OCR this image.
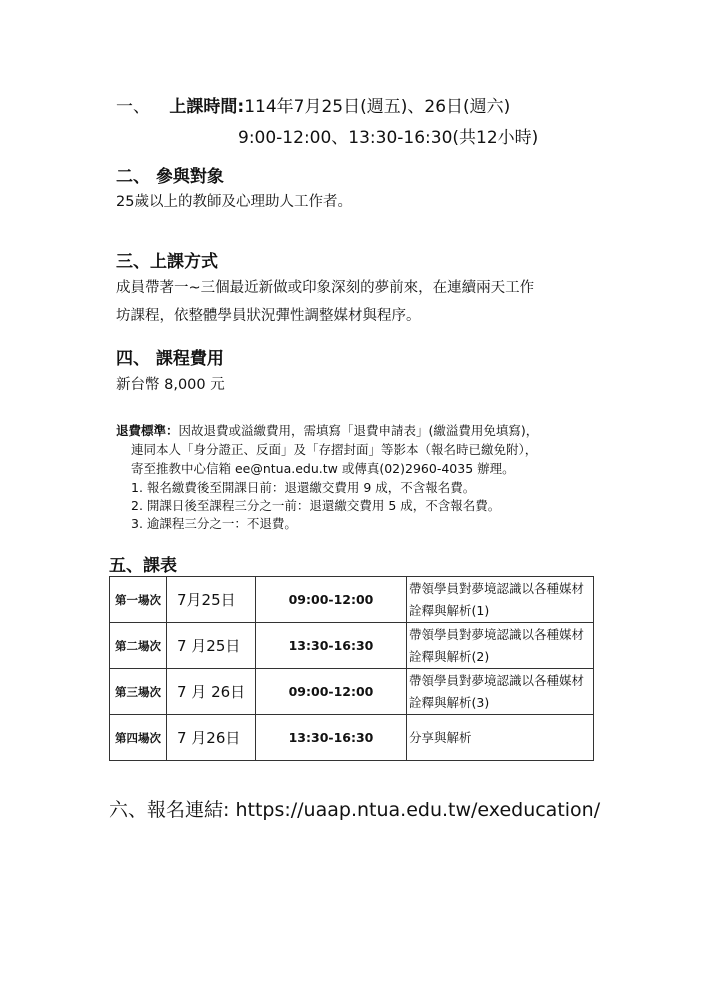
一、 上課時間:114年7月25日(週五)、26日(週六)
9:00-12:00、13:30-16:30(共12小時)
二、 參與對象
25歲以上的教師及心理助人工作者。
三、上課方式
成員帶著一~三個最近新做或印象深刻的夢前來，在連續兩天工作
坊課程，依整體學員狀況彈性調整媒材與程序。
四、 課程費用
新台幣 8,000 元
退費標準：因故退費或溢繳費用，需填寫「退費申請表」(繳溢費用免填寫)，
連同本人「身分證正、反面」及「存摺封面」等影本（報名時已繳免附），
寄至推教中心信箱 ee@ntua.edu.tw 或傳真(02)2960-4035 辦理。
1. 報名繳費後至開課日前：退還繳交費用 9 成，不含報名費。
2. 開課日後至課程三分之一前：退還繳交費用 5 成，不含報名費。
3. 逾課程三分之一：不退費。
五、課表
第一場次	7月25日	09:00-12:00	帶領學員對夢境認識以各種媒材詮釋與解析(1)
第二場次	7 月25日	13:30-16:30	帶領學員對夢境認識以各種媒材詮釋與解析(2)
第三場次	7 月 26日	09:00-12:00	帶領學員對夢境認識以各種媒材詮釋與解析(3)
第四場次	7 月26日	13:30-16:30	分享與解析
六、報名連結: https://uaap.ntua.edu.tw/exeducation/
